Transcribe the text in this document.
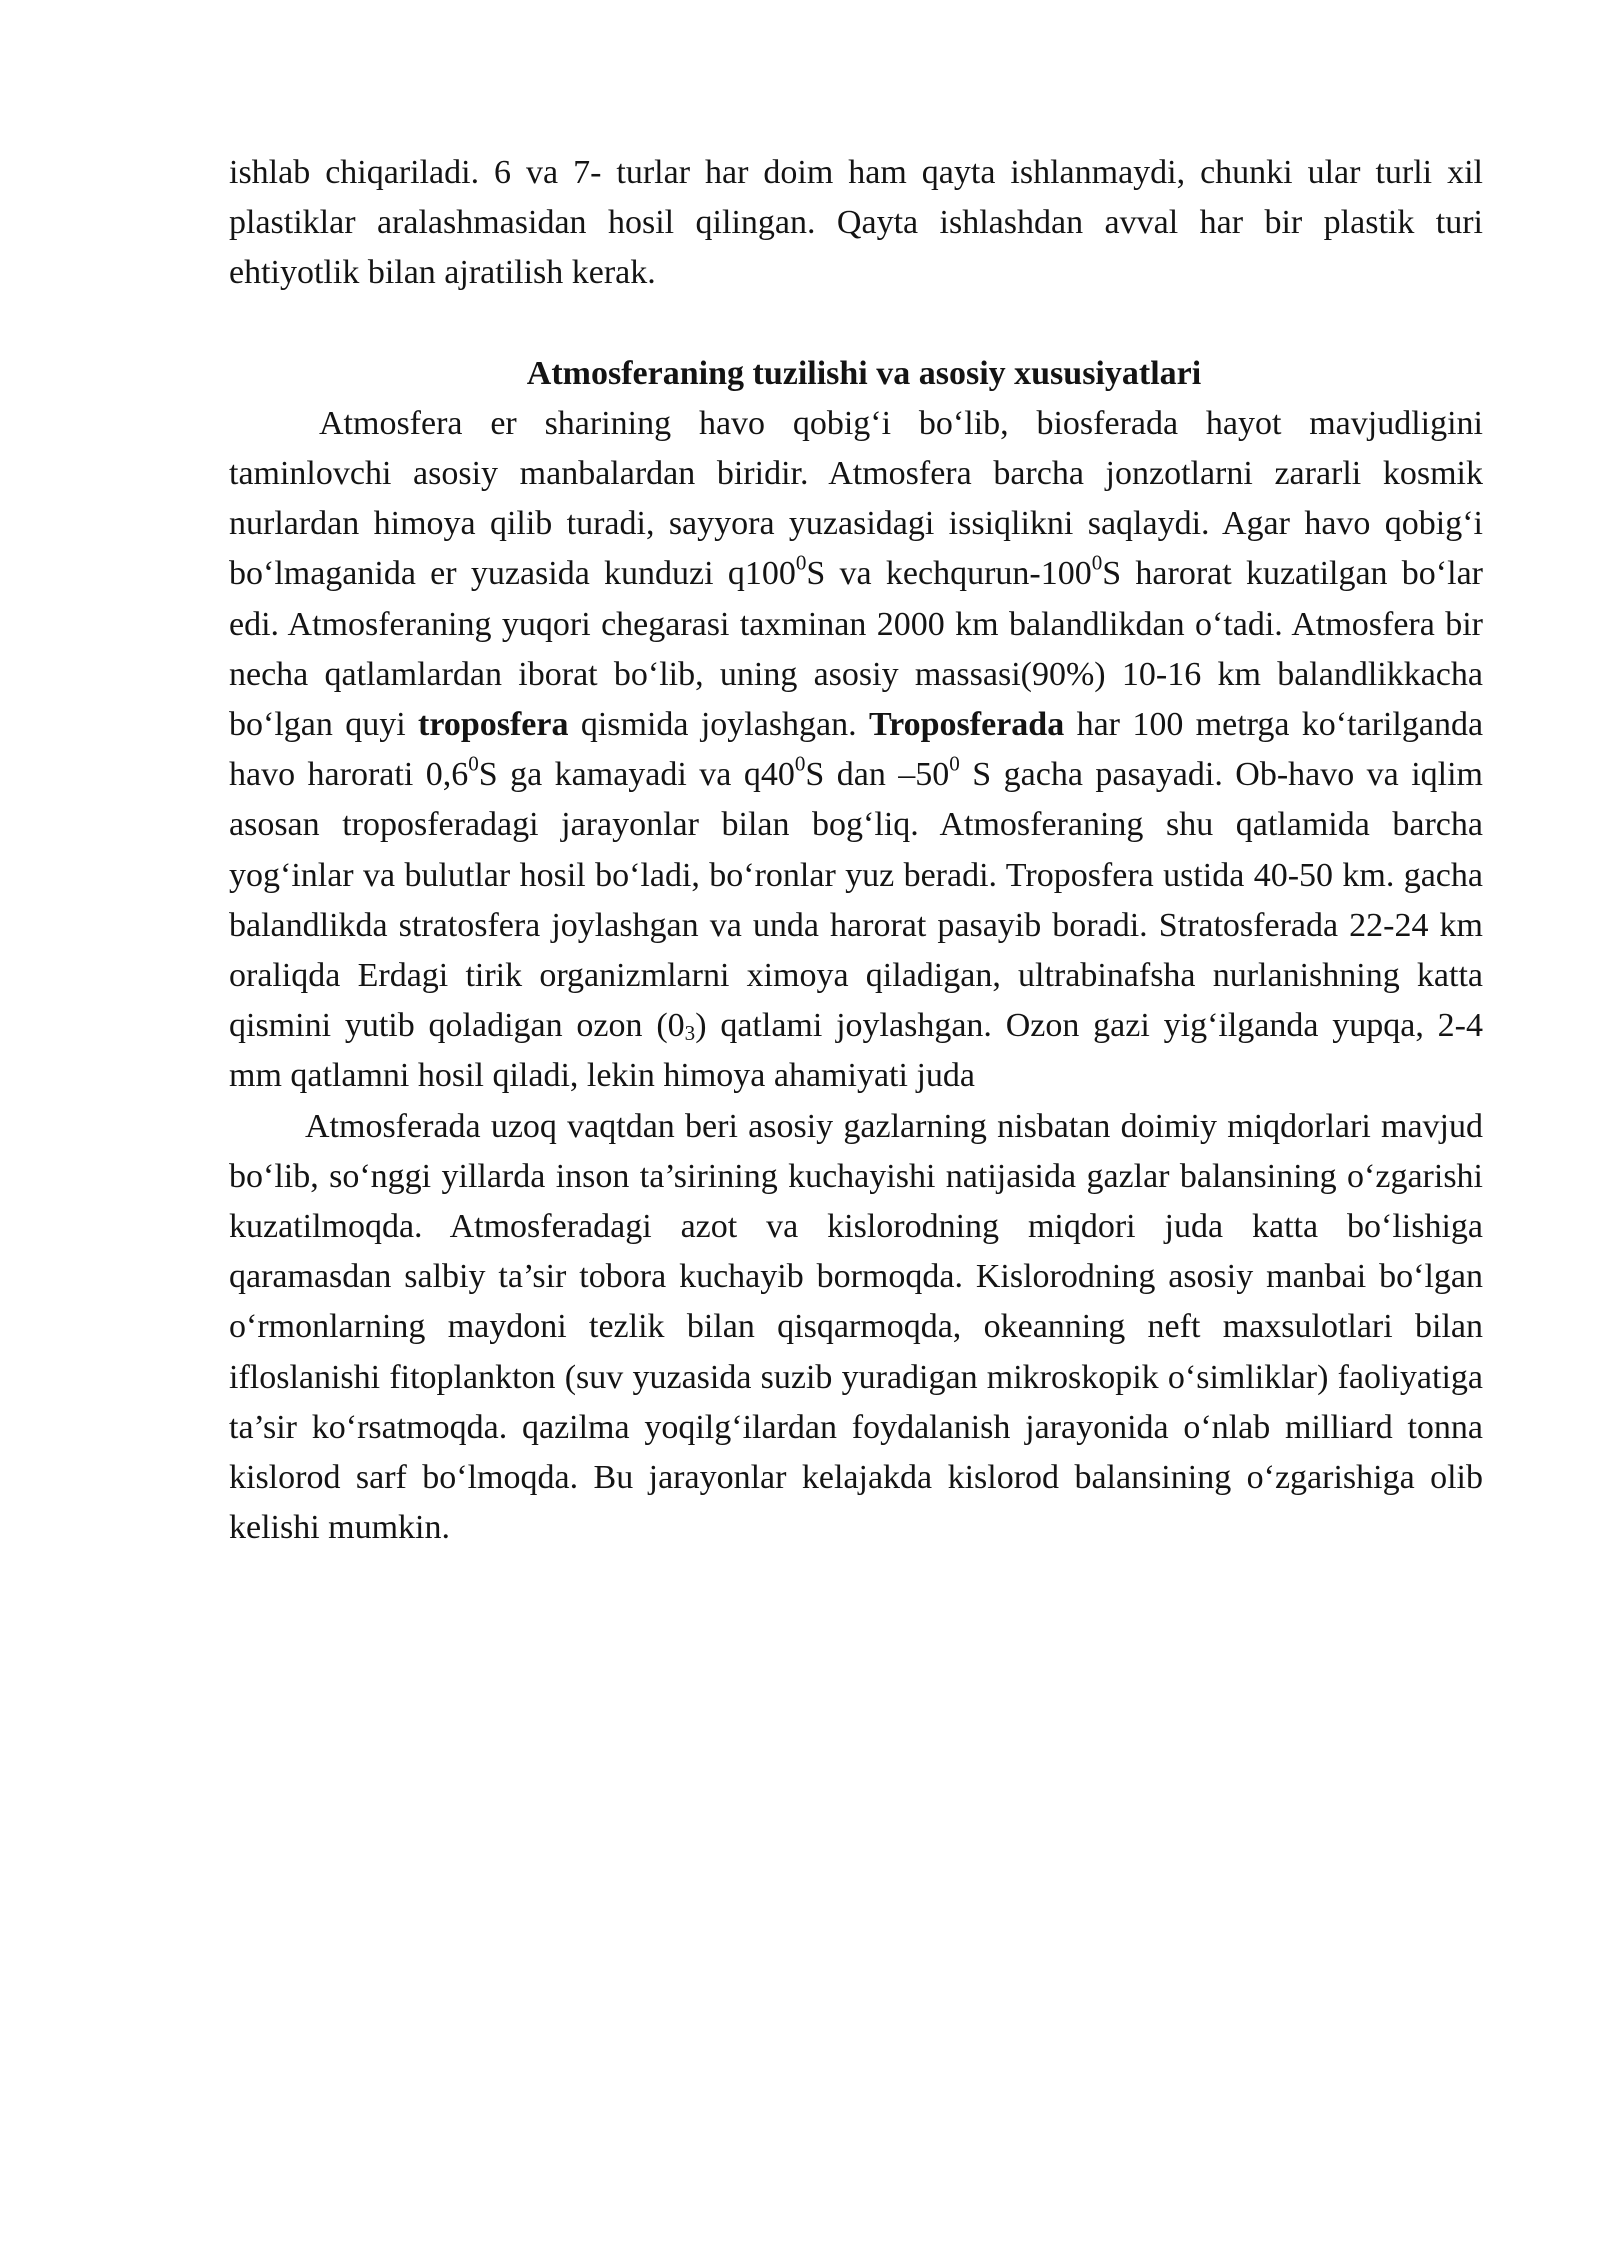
ishlab chiqariladi. 6 va 7- turlar har doim ham qayta ishlanmaydi, chunki ular turli xil plastiklar aralashmasidan hosil qilingan. Qayta ishlashdan avval har bir plastik turi ehtiyotlik bilan ajratilish kerak.

Atmosferaning tuzilishi va asosiy xususiyatlari

Atmosfera er sharining havo qobig‘i bo‘lib, biosferada hayot mavjudligini taminlovchi asosiy manbalardan biridir. Atmosfera barcha jonzotlarni zararli kosmik nurlardan himoya qilib turadi, sayyora yuzasidagi issiqlikni saqlaydi. Agar havo qobig‘i bo‘lmaganida er yuzasida kunduzi $q100^0S$ va kechqurun-$100^0S$ harorat kuzatilgan bo‘lar edi. Atmosferaning yuqori chegarasi taxminan 2000 km balandlikdan o‘tadi. Atmosfera bir necha qatlamlardan iborat bo‘lib, uning asosiy massasi(90%) 10-16 km balandlikkacha bo‘lgan quyi troposfera qismida joylashgan. Troposferada har 100 metrga ko‘tarilganda havo harorati $0,6^0S$ ga kamayadi va $q40^0S$ dan $-50^0$ S gacha pasayadi. Ob-havo va iqlim asosan troposferadagi jarayonlar bilan bog‘liq. Atmosferaning shu qatlamida barcha yog‘inlar va bulutlar hosil bo‘ladi, bo‘ronlar yuz beradi. Troposfera ustida 40-50 km. gacha balandlikda stratosfera joylashgan va unda harorat pasayib boradi. Stratosferada 22-24 km oraliqda Erdagi tirik organizmlarni ximoya qiladigan, ultrabinafsha nurlanishning katta qismini yutib qoladigan ozon $(0_3)$ qatlami joylashgan. Ozon gazi yig‘ilganda yupqa, 2-4 mm qatlamni hosil qiladi, lekin himoya ahamiyati juda

Atmosferada uzoq vaqtdan beri asosiy gazlarning nisbatan doimiy miqdorlari mavjud bo‘lib, so‘nggi yillarda inson ta’sirining kuchayishi natijasida gazlar balansining o‘zgarishi kuzatilmoqda. Atmosferadagi azot va kislorodning miqdori juda katta bo‘lishiga qaramasdan salbiy ta’sir tobora kuchayib bormoqda. Kislorodning asosiy manbai bo‘lgan o‘rmonlarning maydoni tezlik bilan qisqarmoqda, okeanning neft maxsulotlari bilan ifloslanishi fitoplankton (suv yuzasida suzib yuradigan mikroskopik o‘simliklar) faoliyatiga ta’sir ko‘rsatmoqda. qazilma yoqilg‘ilardan foydalanish jarayonida o‘nlab milliard tonna kislorod sarf bo‘lmoqda. Bu jarayonlar kelajakda kislorod balansining o‘zgarishiga olib kelishi mumkin.
